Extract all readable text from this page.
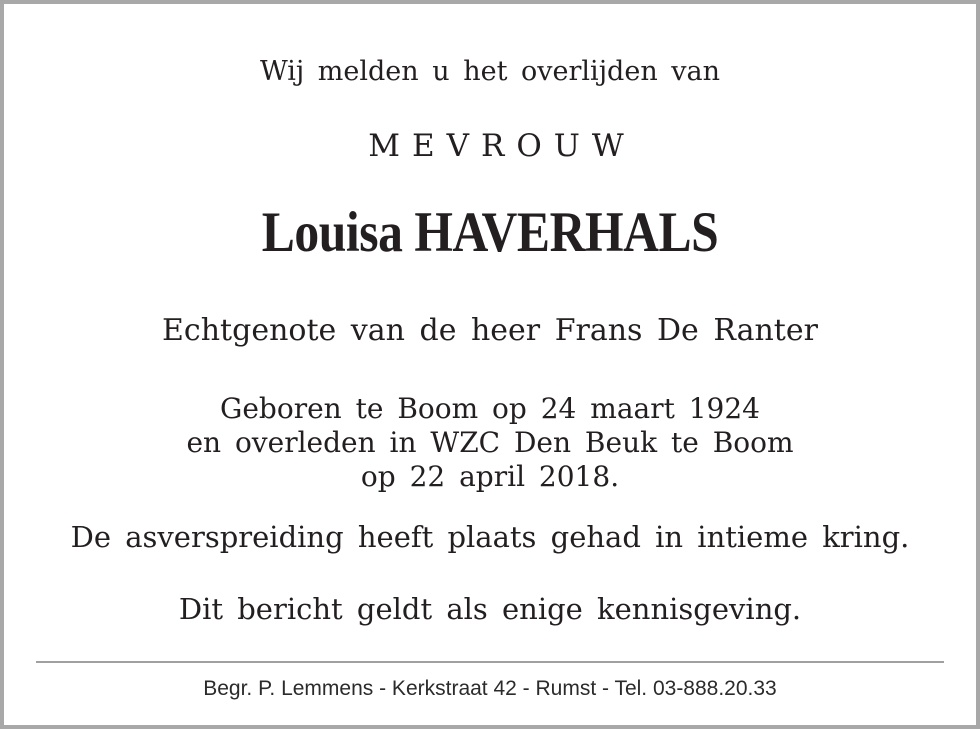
Wij melden u het overlijden van
MEVROUW
Louisa HAVERHALS
Echtgenote van de heer Frans De Ranter
Geboren te Boom op 24 maart 1924
en overleden in WZC Den Beuk te Boom
op 22 april 2018.
De asverspreiding heeft plaats gehad in intieme kring.
Dit bericht geldt als enige kennisgeving.
Begr. P. Lemmens - Kerkstraat 42 - Rumst - Tel. 03-888.20.33
